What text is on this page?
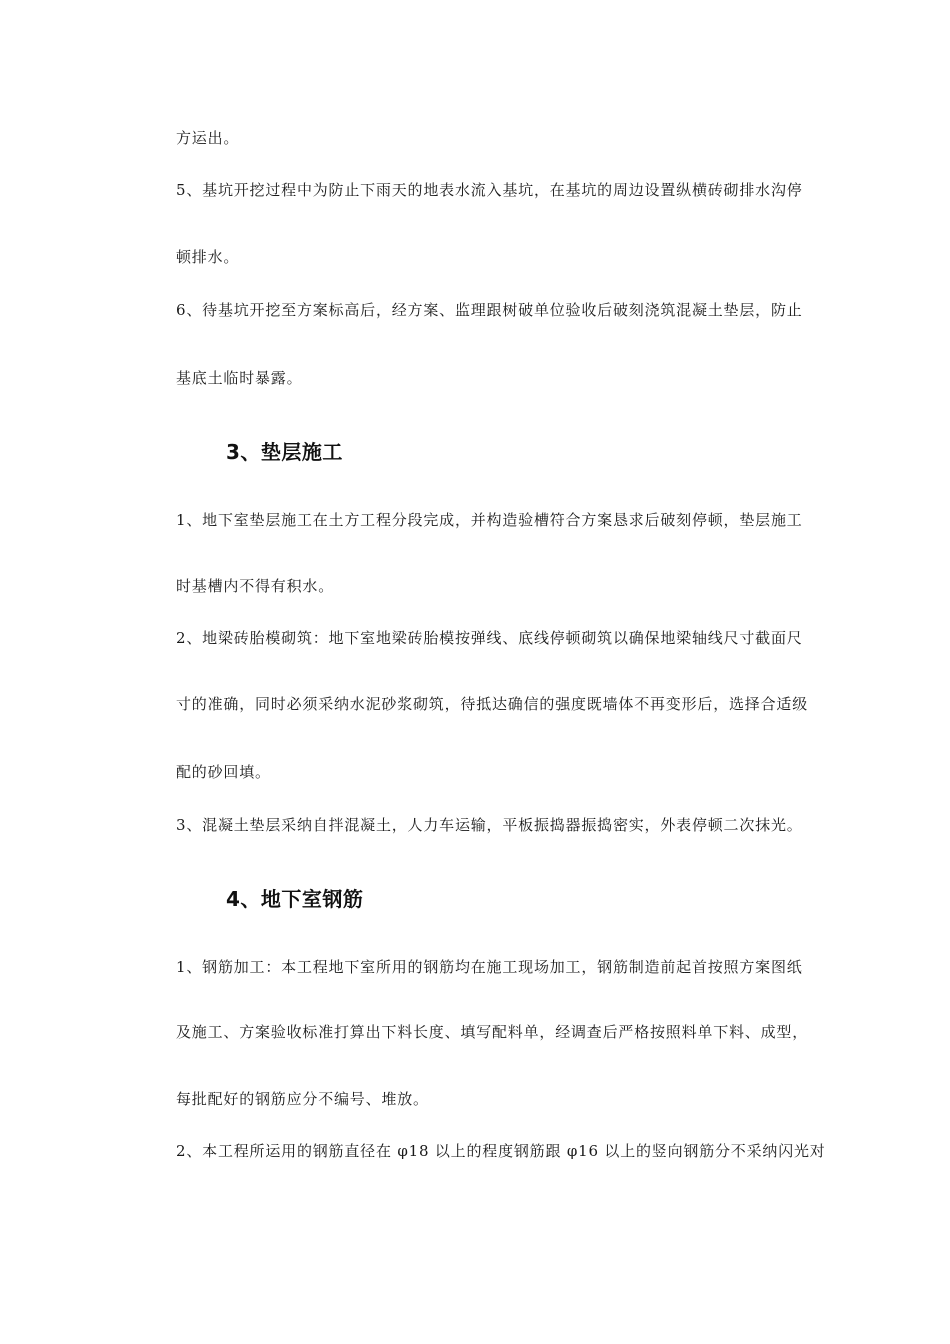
方运出。

5、基坑开挖过程中为防止下雨天的地表水流入基坑，在基坑的周边设置纵横砖砌排水沟停

顿排水。

6、待基坑开挖至方案标高后，经方案、监理跟树破单位验收后破刻浇筑混凝土垫层，防止

基底土临时暴露。

3、垫层施工

1、地下室垫层施工在土方工程分段完成，并构造验槽符合方案恳求后破刻停顿，垫层施工

时基槽内不得有积水。

2、地梁砖胎模砌筑：地下室地梁砖胎模按弹线、底线停顿砌筑以确保地梁轴线尺寸截面尺

寸的准确，同时必须采纳水泥砂浆砌筑，待抵达确信的强度既墙体不再变形后，选择合适级

配的砂回填。

3、混凝土垫层采纳自拌混凝土，人力车运输，平板振捣器振捣密实，外表停顿二次抹光。

4、地下室钢筋

1、钢筋加工：本工程地下室所用的钢筋均在施工现场加工，钢筋制造前起首按照方案图纸

及施工、方案验收标准打算出下料长度、填写配料单，经调查后严格按照料单下料、成型，

每批配好的钢筋应分不编号、堆放。

2、本工程所运用的钢筋直径在 φ18 以上的程度钢筋跟 φ16 以上的竖向钢筋分不采纳闪光对
